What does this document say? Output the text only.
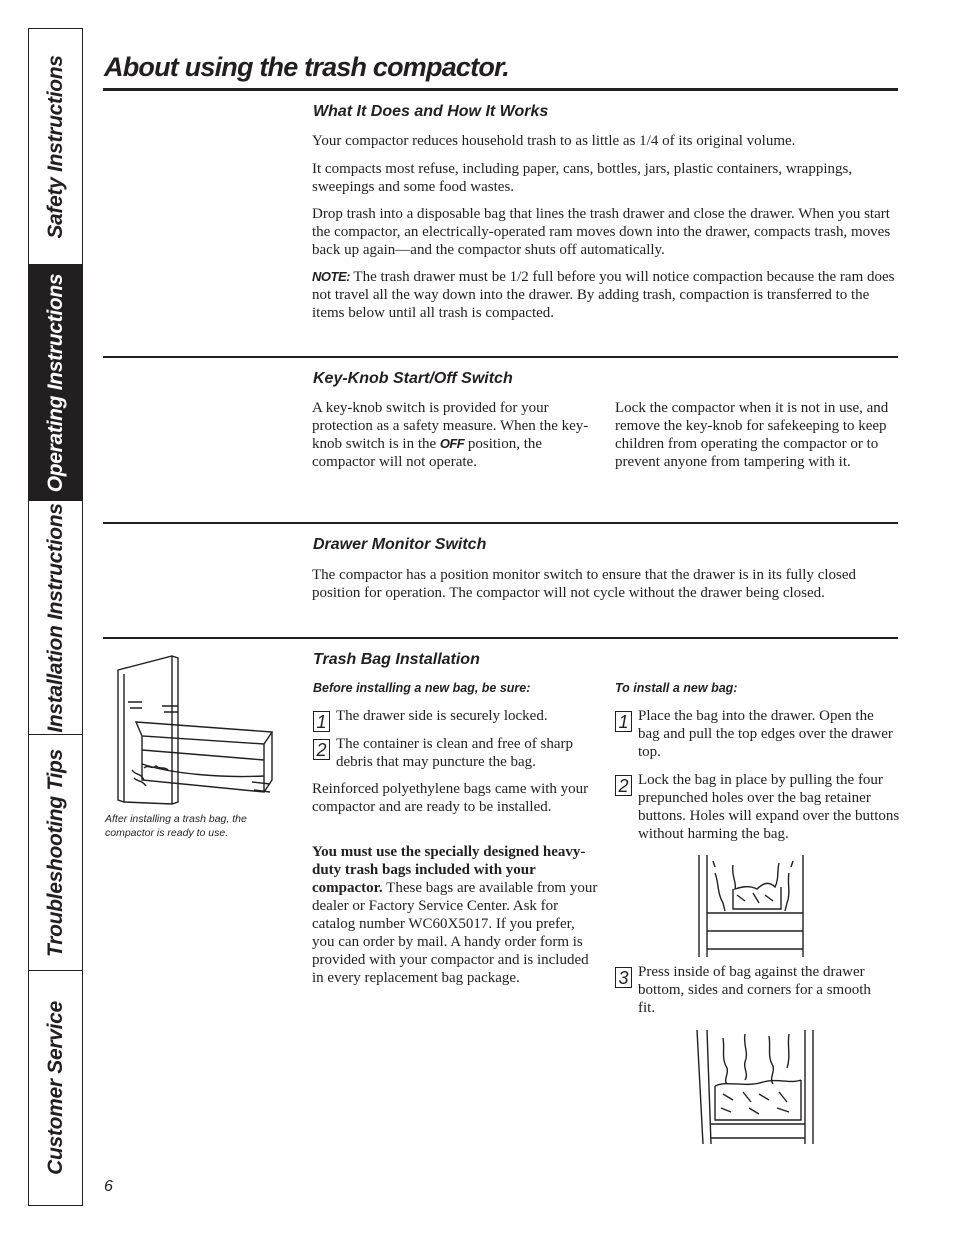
Safety Instructions
Operating Instructions
Installation Instructions
Troubleshooting Tips
Customer Service
About using the trash compactor.
What It Does and How It Works

Your compactor reduces household trash to as little as 1/4 of its original volume.

It compacts most refuse, including paper, cans, bottles, jars, plastic containers, wrappings, sweepings and some food wastes.

Drop trash into a disposable bag that lines the trash drawer and close the drawer. When you start the compactor, an electrically-operated ram moves down into the drawer, compacts trash, moves back up again—and the compactor shuts off automatically.

NOTE: The trash drawer must be 1/2 full before you will notice compaction because the ram does not travel all the way down into the drawer. By adding trash, compaction is transferred to the items below until all trash is compacted.

Key-Knob Start/Off Switch

A key-knob switch is provided for your protection as a safety measure. When the key-knob switch is in the OFF position, the compactor will not operate.

Lock the compactor when it is not in use, and remove the key-knob for safekeeping to keep children from operating the compactor or to prevent anyone from tampering with it.

Drawer Monitor Switch

The compactor has a position monitor switch to ensure that the drawer is in its fully closed position for operation. The compactor will not cycle without the drawer being closed.

Trash Bag Installation

After installing a trash bag, the compactor is ready to use.

Before installing a new bag, be sure:

1 The drawer side is securely locked.

2 The container is clean and free of sharp debris that may puncture the bag.

Reinforced polyethylene bags came with your compactor and are ready to be installed.

You must use the specially designed heavy-duty trash bags included with your compactor. These bags are available from your dealer or Factory Service Center. Ask for catalog number WC60X5017. If you prefer, you can order by mail. A handy order form is provided with your compactor and is included in every replacement bag package.

To install a new bag:

1 Place the bag into the drawer. Open the bag and pull the top edges over the drawer top.

2 Lock the bag in place by pulling the four prepunched holes over the bag retainer buttons. Holes will expand over the buttons without harming the bag.

3 Press inside of bag against the drawer bottom, sides and corners for a smooth fit.

6
